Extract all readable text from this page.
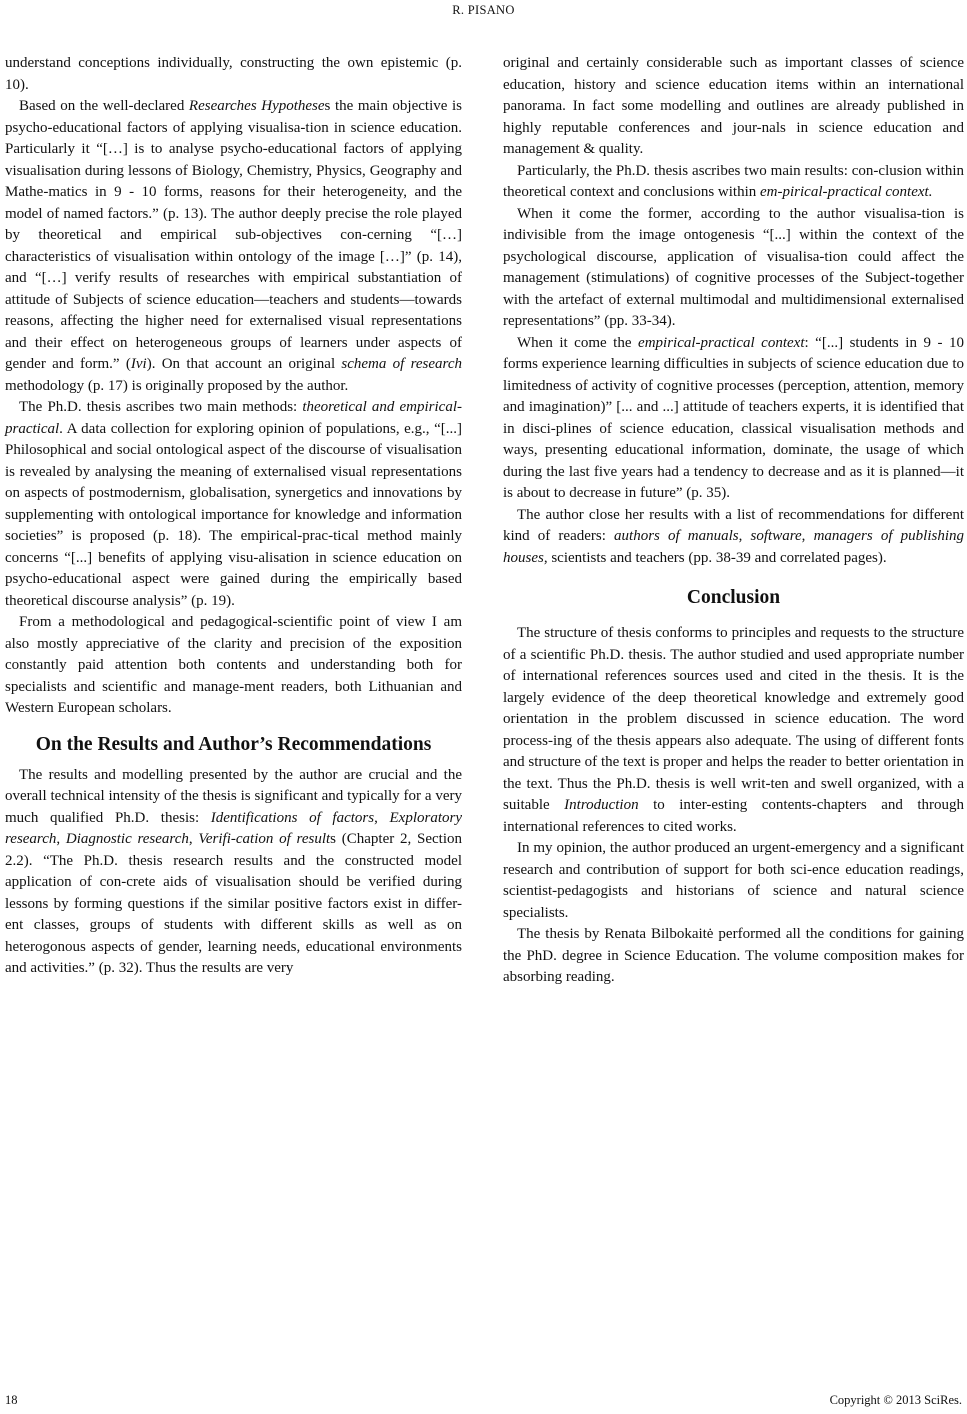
R. PISANO

understand conceptions individually, constructing the own epistemic (p. 10).

Based on the well-declared Researches Hypotheses the main objective is psycho-educational factors of applying visualisa-tion in science education. Particularly it “[…] is to analyse psycho-educational factors of applying visualisation during lessons of Biology, Chemistry, Physics, Geography and Mathe-matics in 9 - 10 forms, reasons for their heterogeneity, and the model of named factors.” (p. 13). The author deeply precise the role played by theoretical and empirical sub-objectives con-cerning “[…] characteristics of visualisation within ontology of the image […]” (p. 14), and “[…] verify results of researches with empirical substantiation of attitude of Subjects of science education—teachers and students—towards reasons, affecting the higher need for externalised visual representations and their effect on heterogeneous groups of learners under aspects of gender and form.” (Ivi). On that account an original schema of research methodology (p. 17) is originally proposed by the author.

The Ph.D. thesis ascribes two main methods: theoretical and empirical-practical. A data collection for exploring opinion of populations, e.g., “[...] Philosophical and social ontological aspect of the discourse of visualisation is revealed by analysing the meaning of externalised visual representations on aspects of postmodernism, globalisation, synergetics and innovations by supplementing with ontological importance for knowledge and information societies” is proposed (p. 18). The empirical-prac-tical method mainly concerns “[...] benefits of applying visu-alisation in science education on psycho-educational aspect were gained during the empirically based theoretical discourse analysis” (p. 19).

From a methodological and pedagogical-scientific point of view I am also mostly appreciative of the clarity and precision of the exposition constantly paid attention both contents and understanding both for specialists and scientific and manage-ment readers, both Lithuanian and Western European scholars.

On the Results and Author’s Recommendations

The results and modelling presented by the author are crucial and the overall technical intensity of the thesis is significant and typically for a very much qualified Ph.D. thesis: Identifications of factors, Exploratory research, Diagnostic research, Verifi-cation of results (Chapter 2, Section 2.2). “The Ph.D. thesis research results and the constructed model application of con-crete aids of visualisation should be verified during lessons by forming questions if the similar positive factors exist in differ-ent classes, groups of students with different skills as well as on heterogonous aspects of gender, learning needs, educational environments and activities.” (p. 32). Thus the results are very

original and certainly considerable such as important classes of science education, history and science education items within an international panorama. In fact some modelling and outlines are already published in highly reputable conferences and jour-nals in science education and management & quality.

Particularly, the Ph.D. thesis ascribes two main results: con-clusion within theoretical context and conclusions within em-pirical-practical context.

When it come the former, according to the author visualisa-tion is indivisible from the image ontogenesis “[...] within the context of the psychological discourse, application of visualisa-tion could affect the management (stimulations) of cognitive processes of the Subject-together with the artefact of external multimodal and multidimensional externalised representations” (pp. 33-34).

When it come the empirical-practical context: “[...] students in 9 - 10 forms experience learning difficulties in subjects of science education due to limitedness of activity of cognitive processes (perception, attention, memory and imagination)” [... and ...] attitude of teachers experts, it is identified that in disci-plines of science education, classical visualisation methods and ways, presenting educational information, dominate, the usage of which during the last five years had a tendency to decrease and as it is planned—it is about to decrease in future” (p. 35).

The author close her results with a list of recommendations for different kind of readers: authors of manuals, software, managers of publishing houses, scientists and teachers (pp. 38-39 and correlated pages).

Conclusion

The structure of thesis conforms to principles and requests to the structure of a scientific Ph.D. thesis. The author studied and used appropriate number of international references sources used and cited in the thesis. It is the largely evidence of the deep theoretical knowledge and extremely good orientation in the problem discussed in science education. The word process-ing of the thesis appears also adequate. The using of different fonts and structure of the text is proper and helps the reader to better orientation in the text. Thus the Ph.D. thesis is well writ-ten and swell organized, with a suitable Introduction to inter-esting contents-chapters and through international references to cited works.

In my opinion, the author produced an urgent-emergency and a significant research and contribution of support for both sci-ence education readings, scientist-pedagogists and historians of science and natural science specialists.

The thesis by Renata Bilbokaitė performed all the conditions for gaining the PhD. degree in Science Education. The volume composition makes for absorbing reading.

18	Copyright © 2013 SciRes.
